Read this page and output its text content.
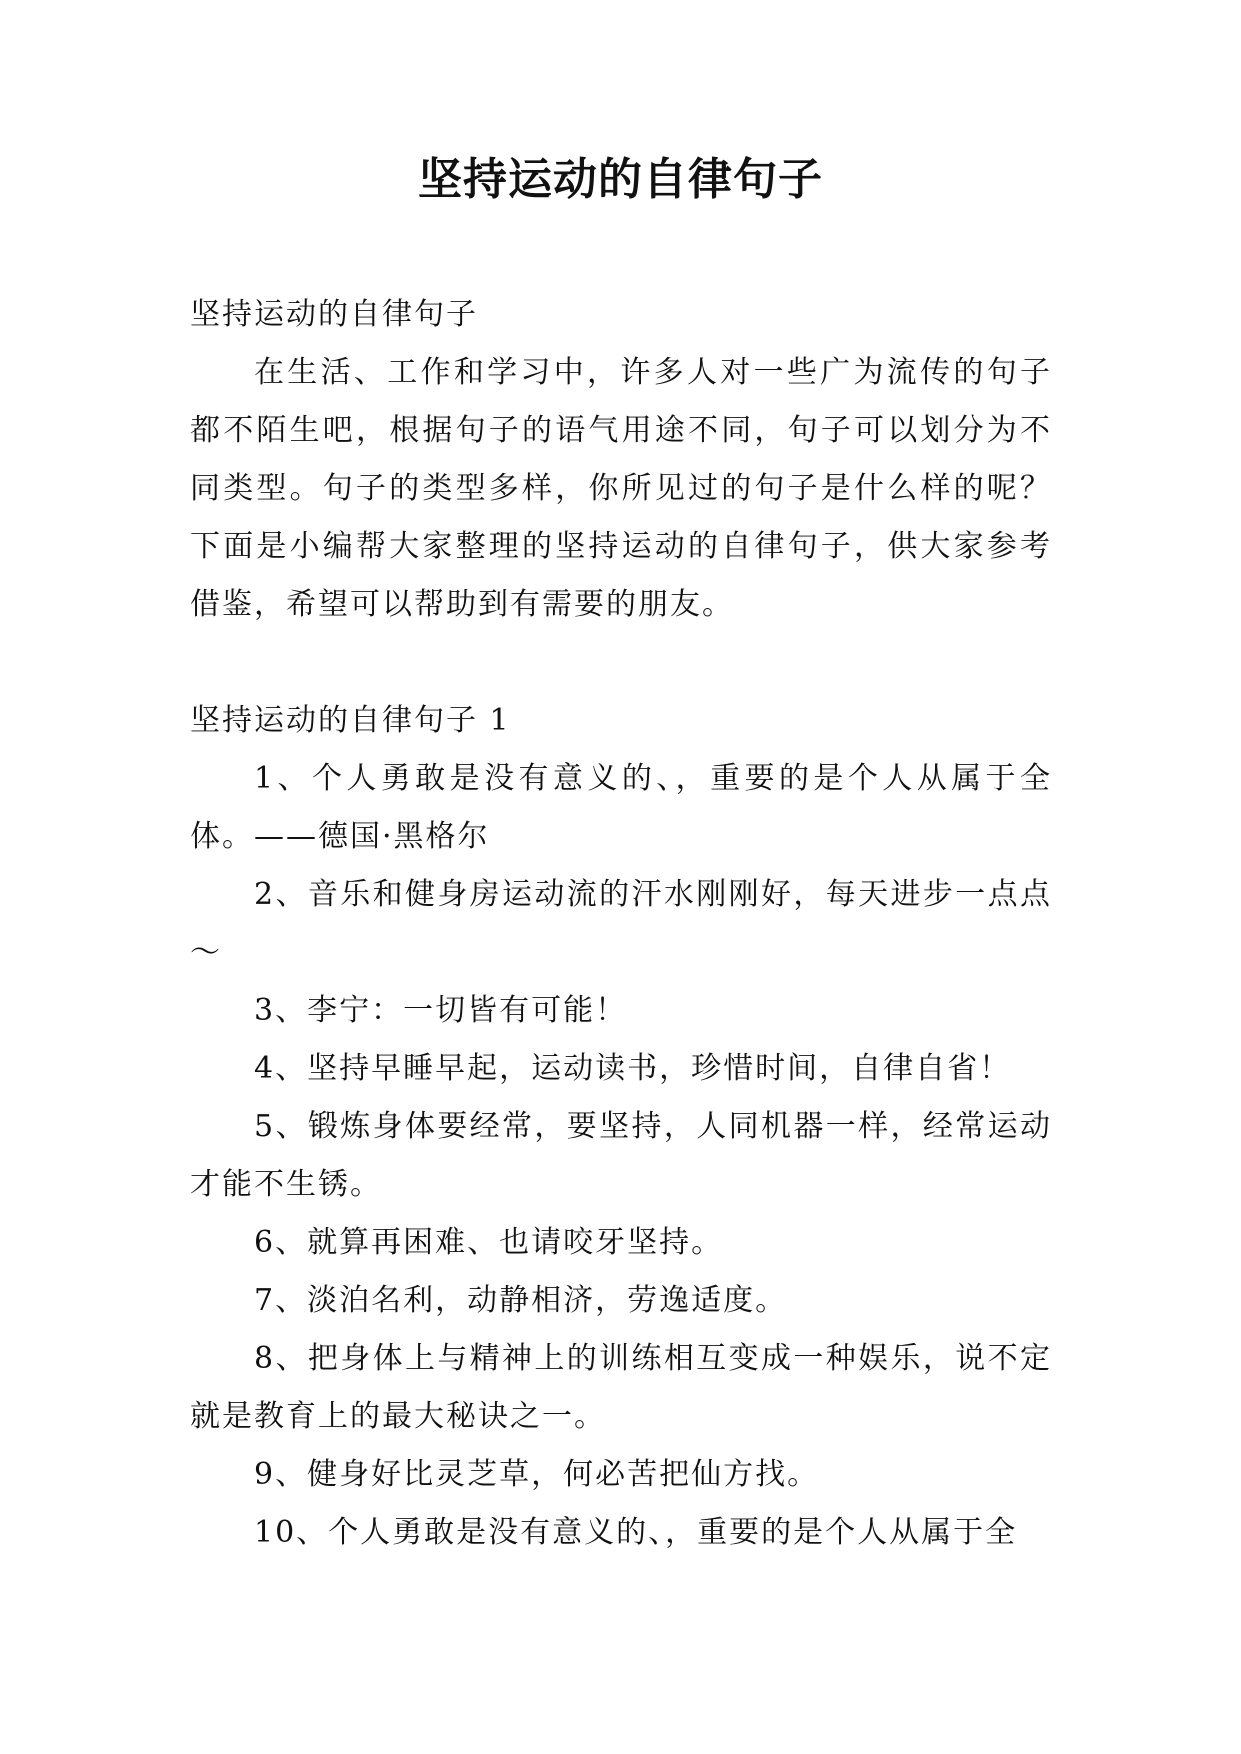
坚持运动的自律句子

坚持运动的自律句子

在生活、工作和学习中，许多人对一些广为流传的句子都不陌生吧，根据句子的语气用途不同，句子可以划分为不同类型。句子的类型多样，你所见过的句子是什么样的呢？下面是小编帮大家整理的坚持运动的自律句子，供大家参考借鉴，希望可以帮助到有需要的朋友。

坚持运动的自律句子 1

1、个人勇敢是没有意义的、，重要的是个人从属于全体。——德国·黑格尔

2、音乐和健身房运动流的汗水刚刚好，每天进步一点点～

3、李宁：一切皆有可能！

4、坚持早睡早起，运动读书，珍惜时间，自律自省！

5、锻炼身体要经常，要坚持，人同机器一样，经常运动才能不生锈。

6、就算再困难、也请咬牙坚持。

7、淡泊名利，动静相济，劳逸适度。

8、把身体上与精神上的训练相互变成一种娱乐，说不定就是教育上的最大秘诀之一。

9、健身好比灵芝草，何必苦把仙方找。

10、个人勇敢是没有意义的、，重要的是个人从属于全
